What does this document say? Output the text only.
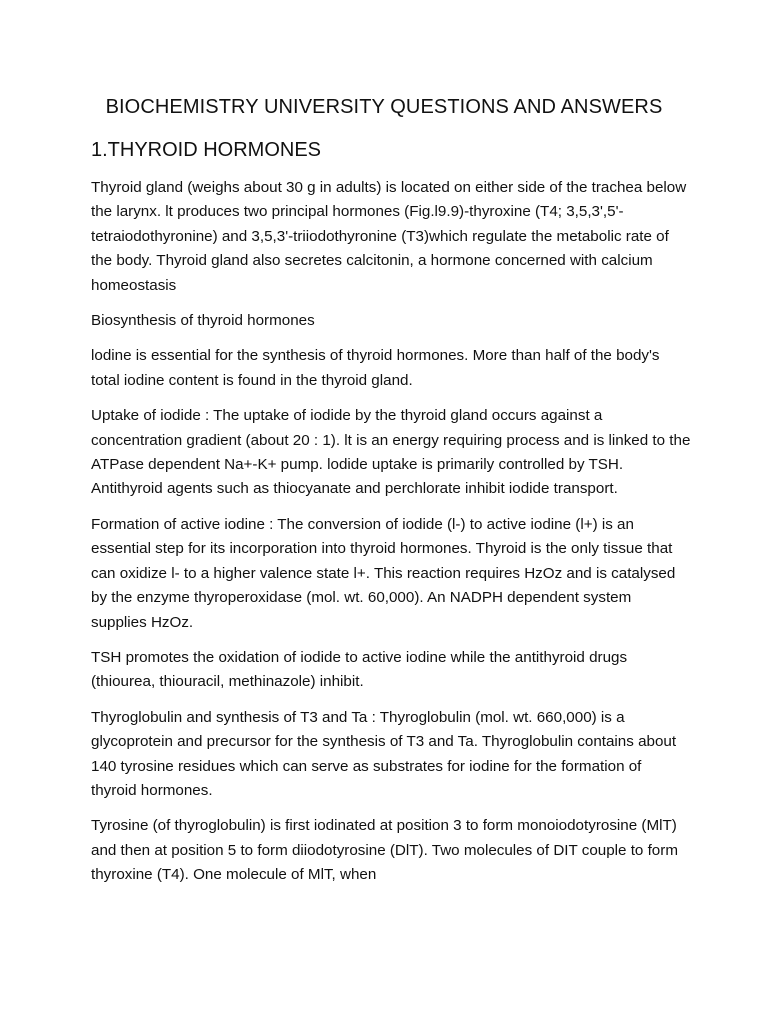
BIOCHEMISTRY UNIVERSITY QUESTIONS AND ANSWERS
1.THYROID HORMONES

Thyroid gland (weighs about 30 g in adults) is located on either side of the trachea below the larynx. lt produces two principal hormones (Fig.l9.9)-thyroxine (T4; 3,5,3',5'-tetraiodothyronine) and 3,5,3'-triiodothyronine (T3)which regulate the metabolic rate of the body. Thyroid gland also secretes calcitonin, a hormone concerned with calcium homeostasis

Biosynthesis of thyroid hormones

lodine is essential for the synthesis of thyroid hormones. More than half of the body's total iodine content is found in the thyroid gland.

Uptake of iodide : The uptake of iodide by the thyroid gland occurs against a concentration gradient (about 20 : 1). lt is an energy requiring process and is linked to the ATPase dependent Na+-K+ pump. lodide uptake is primarily controlled by TSH. Antithyroid agents such as thiocyanate and perchlorate inhibit iodide transport.

Formation of active iodine : The conversion of iodide (l-) to active iodine (l+) is an essential step for its incorporation into thyroid hormones. Thyroid is the only tissue that can oxidize l- to a higher valence state l+. This reaction requires HzOz and is catalysed by the enzyme thyroperoxidase (mol. wt. 60,000). An NADPH dependent system supplies HzOz.

TSH promotes the oxidation of iodide to active iodine while the antithyroid drugs (thiourea, thiouracil, methinazole) inhibit.

Thyroglobulin and synthesis of T3 and Ta : Thyroglobulin (mol. wt. 660,000) is a glycoprotein and precursor for the synthesis of T3 and Ta. Thyroglobulin contains about 140 tyrosine residues which can serve as substrates for iodine for the formation of thyroid hormones.

Tyrosine (of thyroglobulin) is first iodinated at position 3 to form monoiodotyrosine (MlT) and then at position 5 to form diiodotyrosine (DlT). Two molecules of DIT couple to form thyroxine (T4). One molecule of MlT, when
